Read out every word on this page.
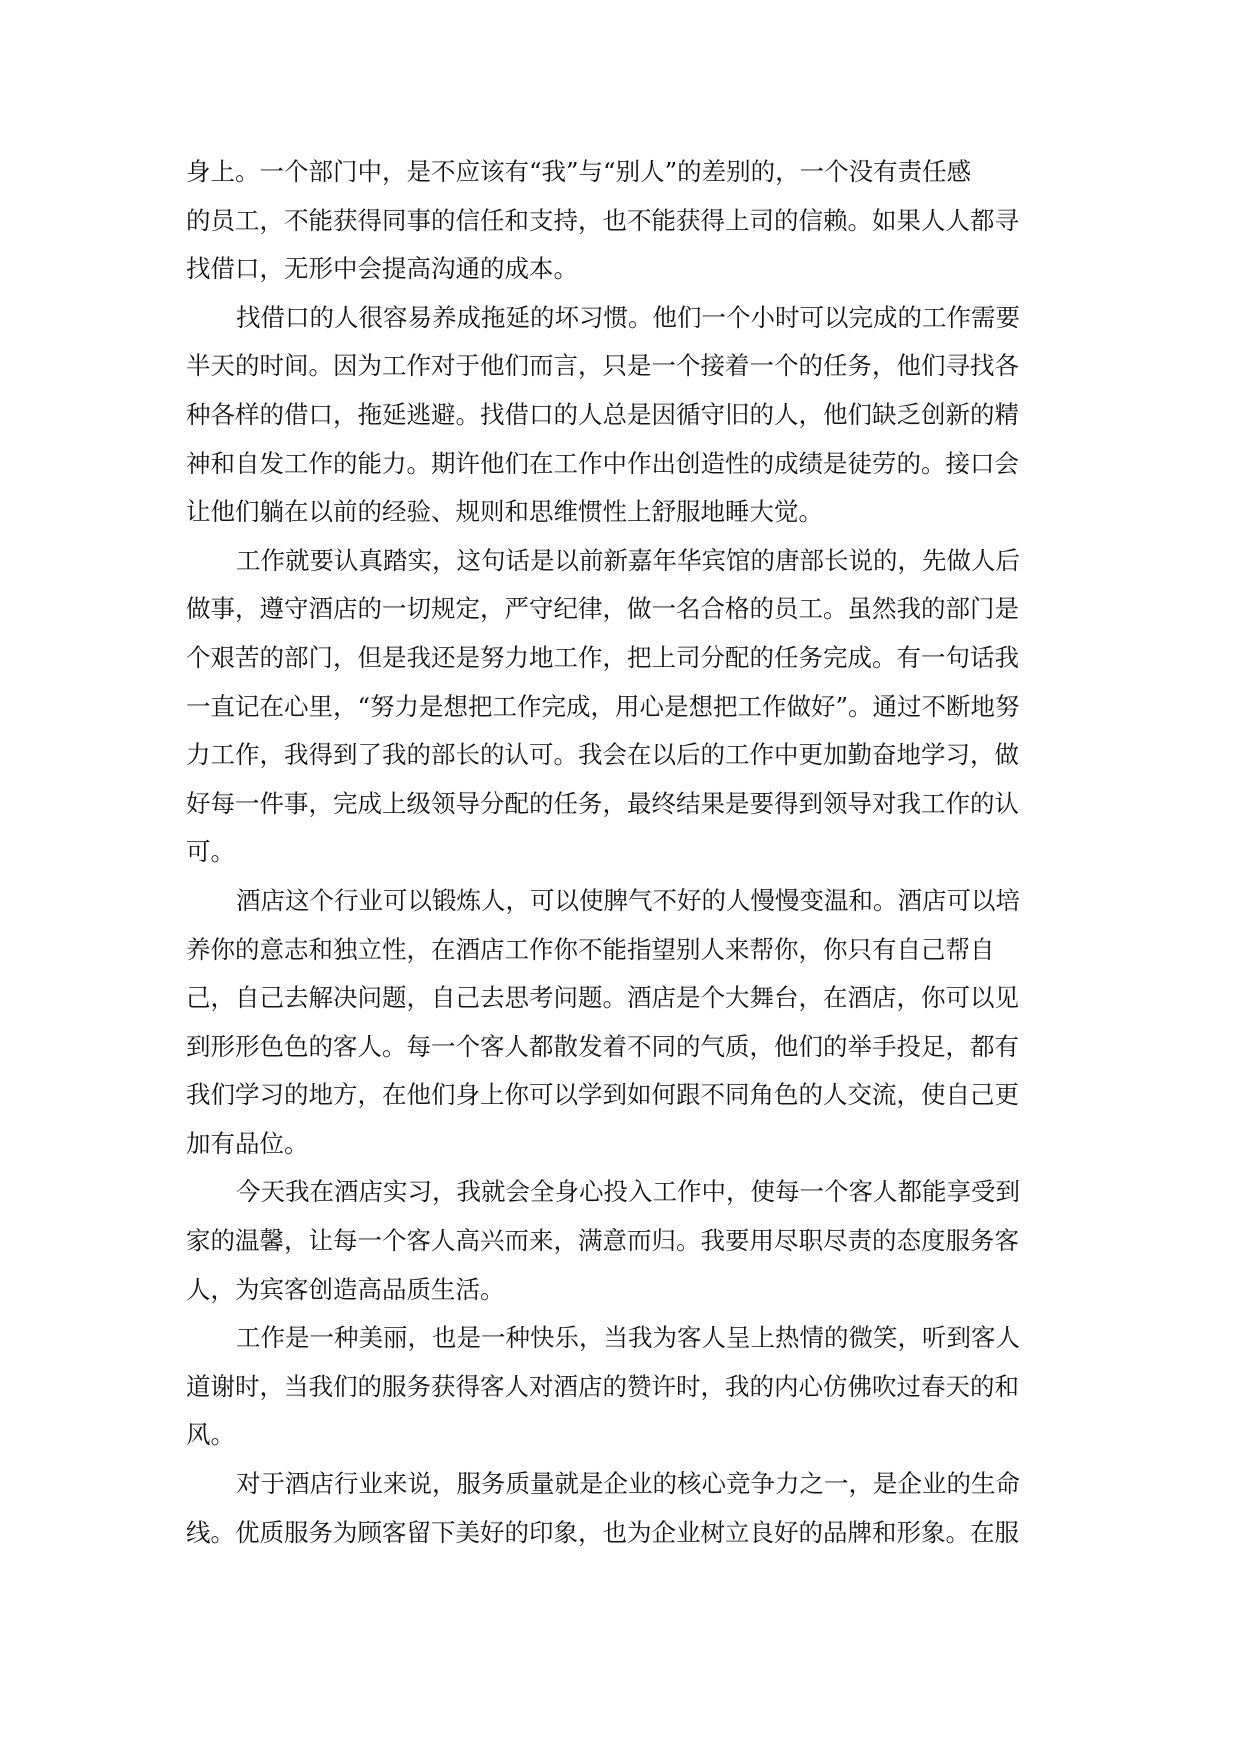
身上。一个部门中，是不应该有“我”与“别人”的差别的，一个没有责任感
的员工，不能获得同事的信任和支持，也不能获得上司的信赖。如果人人都寻
找借口，无形中会提高沟通的成本。
找借口的人很容易养成拖延的坏习惯。他们一个小时可以完成的工作需要
半天的时间。因为工作对于他们而言，只是一个接着一个的任务，他们寻找各
种各样的借口，拖延逃避。找借口的人总是因循守旧的人，他们缺乏创新的精
神和自发工作的能力。期许他们在工作中作出创造性的成绩是徒劳的。接口会
让他们躺在以前的经验、规则和思维惯性上舒服地睡大觉。
工作就要认真踏实，这句话是以前新嘉年华宾馆的唐部长说的，先做人后
做事，遵守酒店的一切规定，严守纪律，做一名合格的员工。虽然我的部门是
个艰苦的部门，但是我还是努力地工作，把上司分配的任务完成。有一句话我
一直记在心里，“努力是想把工作完成，用心是想把工作做好”。通过不断地努
力工作，我得到了我的部长的认可。我会在以后的工作中更加勤奋地学习，做
好每一件事，完成上级领导分配的任务，最终结果是要得到领导对我工作的认
可。
酒店这个行业可以锻炼人，可以使脾气不好的人慢慢变温和。酒店可以培
养你的意志和独立性，在酒店工作你不能指望别人来帮你，你只有自己帮自
己，自己去解决问题，自己去思考问题。酒店是个大舞台，在酒店，你可以见
到形形色色的客人。每一个客人都散发着不同的气质，他们的举手投足，都有
我们学习的地方，在他们身上你可以学到如何跟不同角色的人交流，使自己更
加有品位。
今天我在酒店实习，我就会全身心投入工作中，使每一个客人都能享受到
家的温馨，让每一个客人高兴而来，满意而归。我要用尽职尽责的态度服务客
人，为宾客创造高品质生活。
工作是一种美丽，也是一种快乐，当我为客人呈上热情的微笑，听到客人
道谢时，当我们的服务获得客人对酒店的赞许时，我的内心仿佛吹过春天的和
风。
对于酒店行业来说，服务质量就是企业的核心竞争力之一，是企业的生命
线。优质服务为顾客留下美好的印象，也为企业树立良好的品牌和形象。在服
